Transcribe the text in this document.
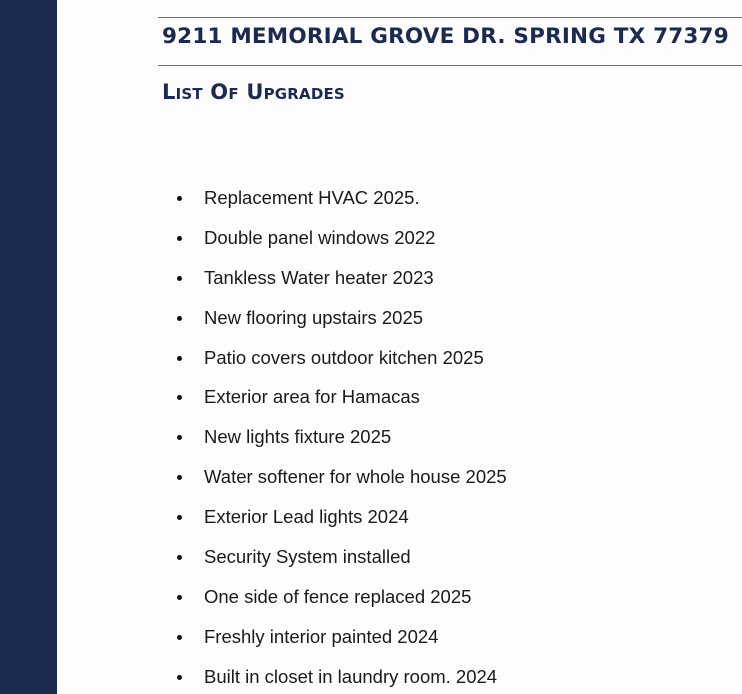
9211 MEMORIAL GROVE DR. SPRING TX 77379
List Of Upgrades
Replacement HVAC 2025.
Double panel windows 2022
Tankless Water heater 2023
New flooring upstairs 2025
Patio covers outdoor kitchen 2025
Exterior area for Hamacas
New lights fixture 2025
Water softener for whole house 2025
Exterior Lead lights 2024
Security System installed
One side of fence replaced 2025
Freshly interior painted 2024
Built in closet in laundry room. 2024
